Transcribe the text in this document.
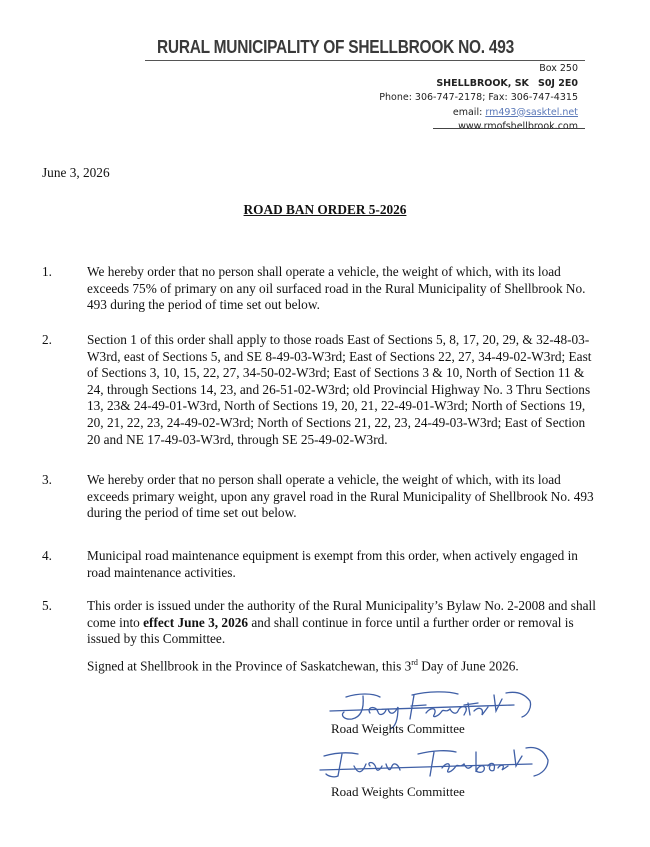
RURAL MUNICIPALITY OF SHELLBROOK NO. 493
Box 250
SHELLBROOK, SK S0J 2E0
Phone: 306-747-2178; Fax: 306-747-4315
email: rm493@sasktel.net
www.rmofshellbrook.com
June 3, 2026
ROAD BAN ORDER 5-2026
1.	We hereby order that no person shall operate a vehicle, the weight of which, with its load exceeds 75% of primary on any oil surfaced road in the Rural Municipality of Shellbrook No. 493 during the period of time set out below.
2.	Section 1 of this order shall apply to those roads East of Sections 5, 8, 17, 20, 29, & 32-48-03-W3rd, east of Sections 5, and SE 8-49-03-W3rd; East of Sections 22, 27, 34-49-02-W3rd; East of Sections 3, 10, 15, 22, 27, 34-50-02-W3rd; East of Sections 3 & 10, North of Section 11 & 24, through Sections 14, 23, and 26-51-02-W3rd; old Provincial Highway No. 3 Thru Sections 13, 23& 24-49-01-W3rd, North of Sections 19, 20, 21, 22-49-01-W3rd; North of Sections 19, 20, 21, 22, 23, 24-49-02-W3rd; North of Sections 21, 22, 23, 24-49-03-W3rd; East of Section 20 and NE 17-49-03-W3rd, through SE 25-49-02-W3rd.
3.	We hereby order that no person shall operate a vehicle, the weight of which, with its load exceeds primary weight, upon any gravel road in the Rural Municipality of Shellbrook No. 493 during the period of time set out below.
4.	Municipal road maintenance equipment is exempt from this order, when actively engaged in road maintenance activities.
5.	This order is issued under the authority of the Rural Municipality’s Bylaw No. 2-2008 and shall come into effect June 3, 2026 and shall continue in force until a further order or removal is issued by this Committee.
Signed at Shellbrook in the Province of Saskatchewan, this 3rd Day of June 2026.
Road Weights Committee
Road Weights Committee
